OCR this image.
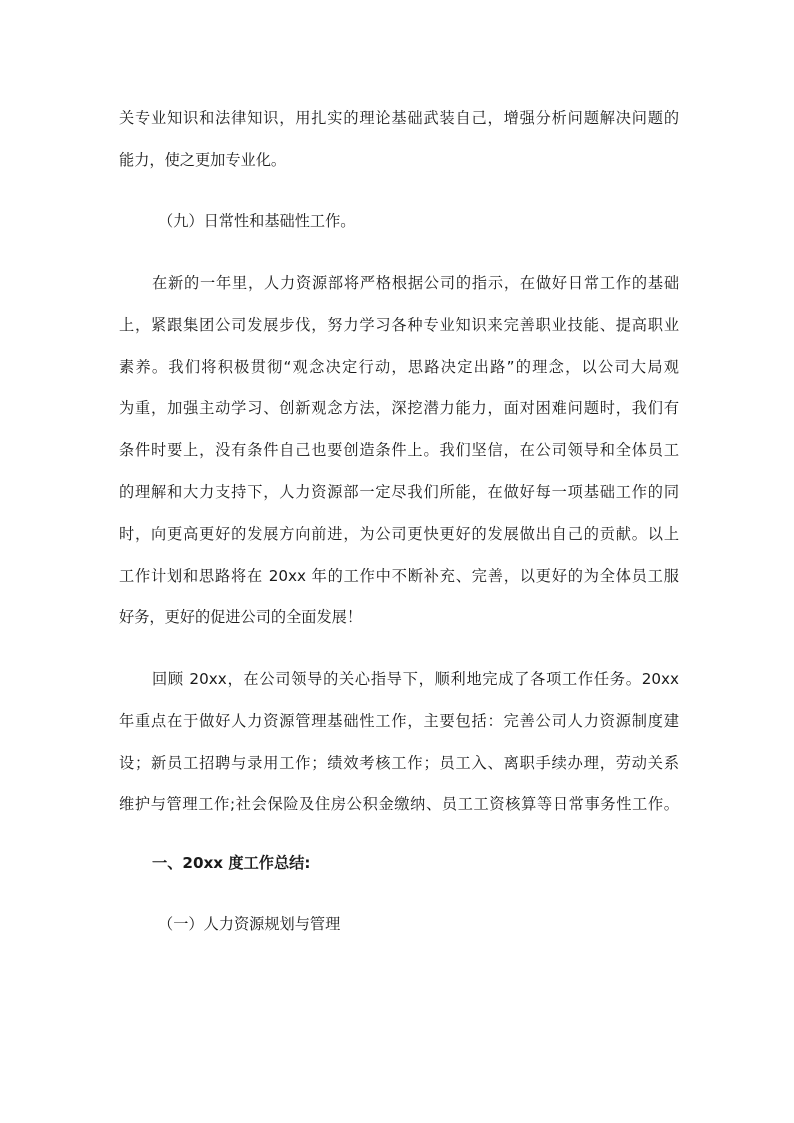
关专业知识和法律知识，用扎实的理论基础武装自己，增强分析问题解决问题的
能力，使之更加专业化。
（九）日常性和基础性工作。
在新的一年里，人力资源部将严格根据公司的指示，在做好日常工作的基础
上，紧跟集团公司发展步伐，努力学习各种专业知识来完善职业技能、提高职业
素养。我们将积极贯彻“观念决定行动，思路决定出路”的理念，以公司大局观
为重，加强主动学习、创新观念方法，深挖潜力能力，面对困难问题时，我们有
条件时要上，没有条件自己也要创造条件上。我们坚信，在公司领导和全体员工
的理解和大力支持下，人力资源部一定尽我们所能，在做好每一项基础工作的同
时，向更高更好的发展方向前进，为公司更快更好的发展做出自己的贡献。以上
工作计划和思路将在 20xx 年的工作中不断补充、完善，以更好的为全体员工服
好务，更好的促进公司的全面发展！
回顾 20xx，在公司领导的关心指导下，顺利地完成了各项工作任务。20xx
年重点在于做好人力资源管理基础性工作，主要包括：完善公司人力资源制度建
设；新员工招聘与录用工作；绩效考核工作；员工入、离职手续办理，劳动关系
维护与管理工作;社会保险及住房公积金缴纳、员工工资核算等日常事务性工作。
一、20xx 度工作总结:
（一）人力资源规划与管理
